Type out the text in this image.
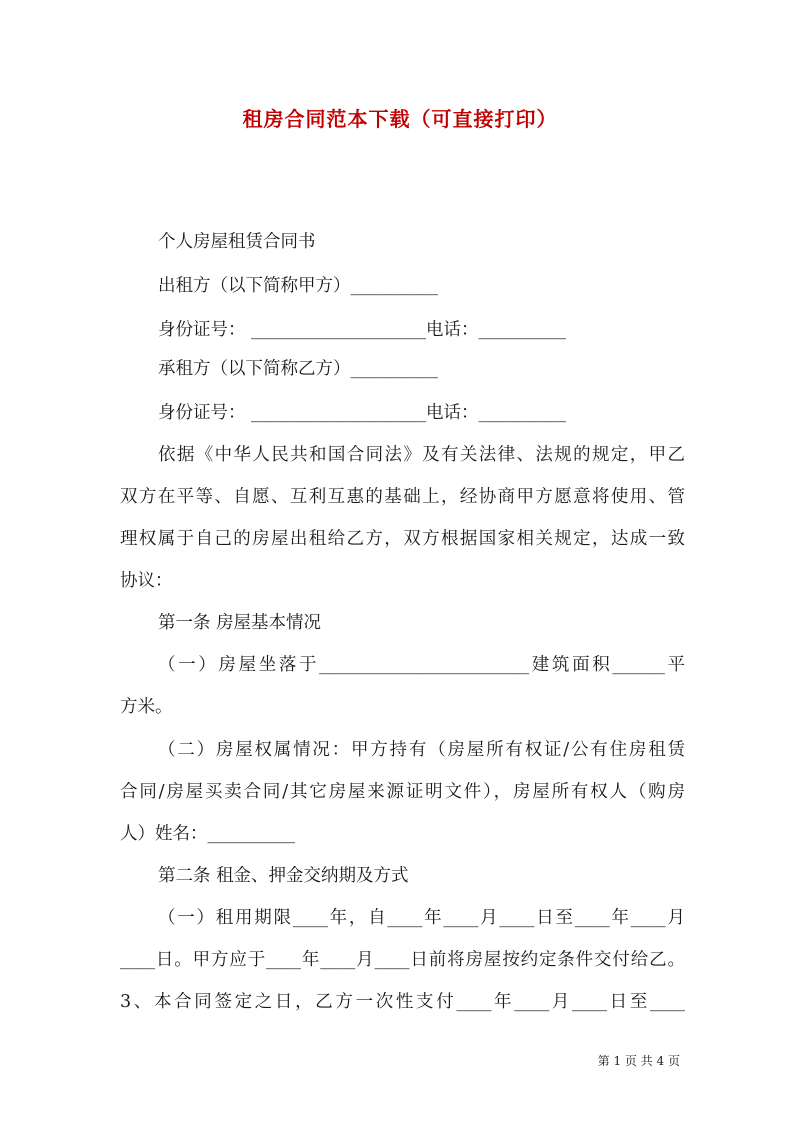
租房合同范本下载（可直接打印）
个人房屋租赁合同书
出租方（以下简称甲方）__________
身份证号： ____________________电话：__________
承租方（以下简称乙方）__________
身份证号： ____________________电话：__________
依据《中华人民共和国合同法》及有关法律、法规的规定，甲乙
双方在平等、自愿、互利互惠的基础上，经协商甲方愿意将使用、管
理权属于自己的房屋出租给乙方，双方根据国家相关规定，达成一致
协议：
第一条 房屋基本情况
（一）房屋坐落于________________________建筑面积______平
方米。
（二）房屋权属情况：甲方持有（房屋所有权证/公有住房租赁
合同/房屋买卖合同/其它房屋来源证明文件），房屋所有权人（购房
人）姓名：__________
第二条 租金、押金交纳期及方式
（一）租用期限____年，自____年____月____日至____年____月
____日。甲方应于____年____月____日前将房屋按约定条件交付给乙。
3、本合同签定之日，乙方一次性支付____年____月____日至____
第 1 页 共 4 页
